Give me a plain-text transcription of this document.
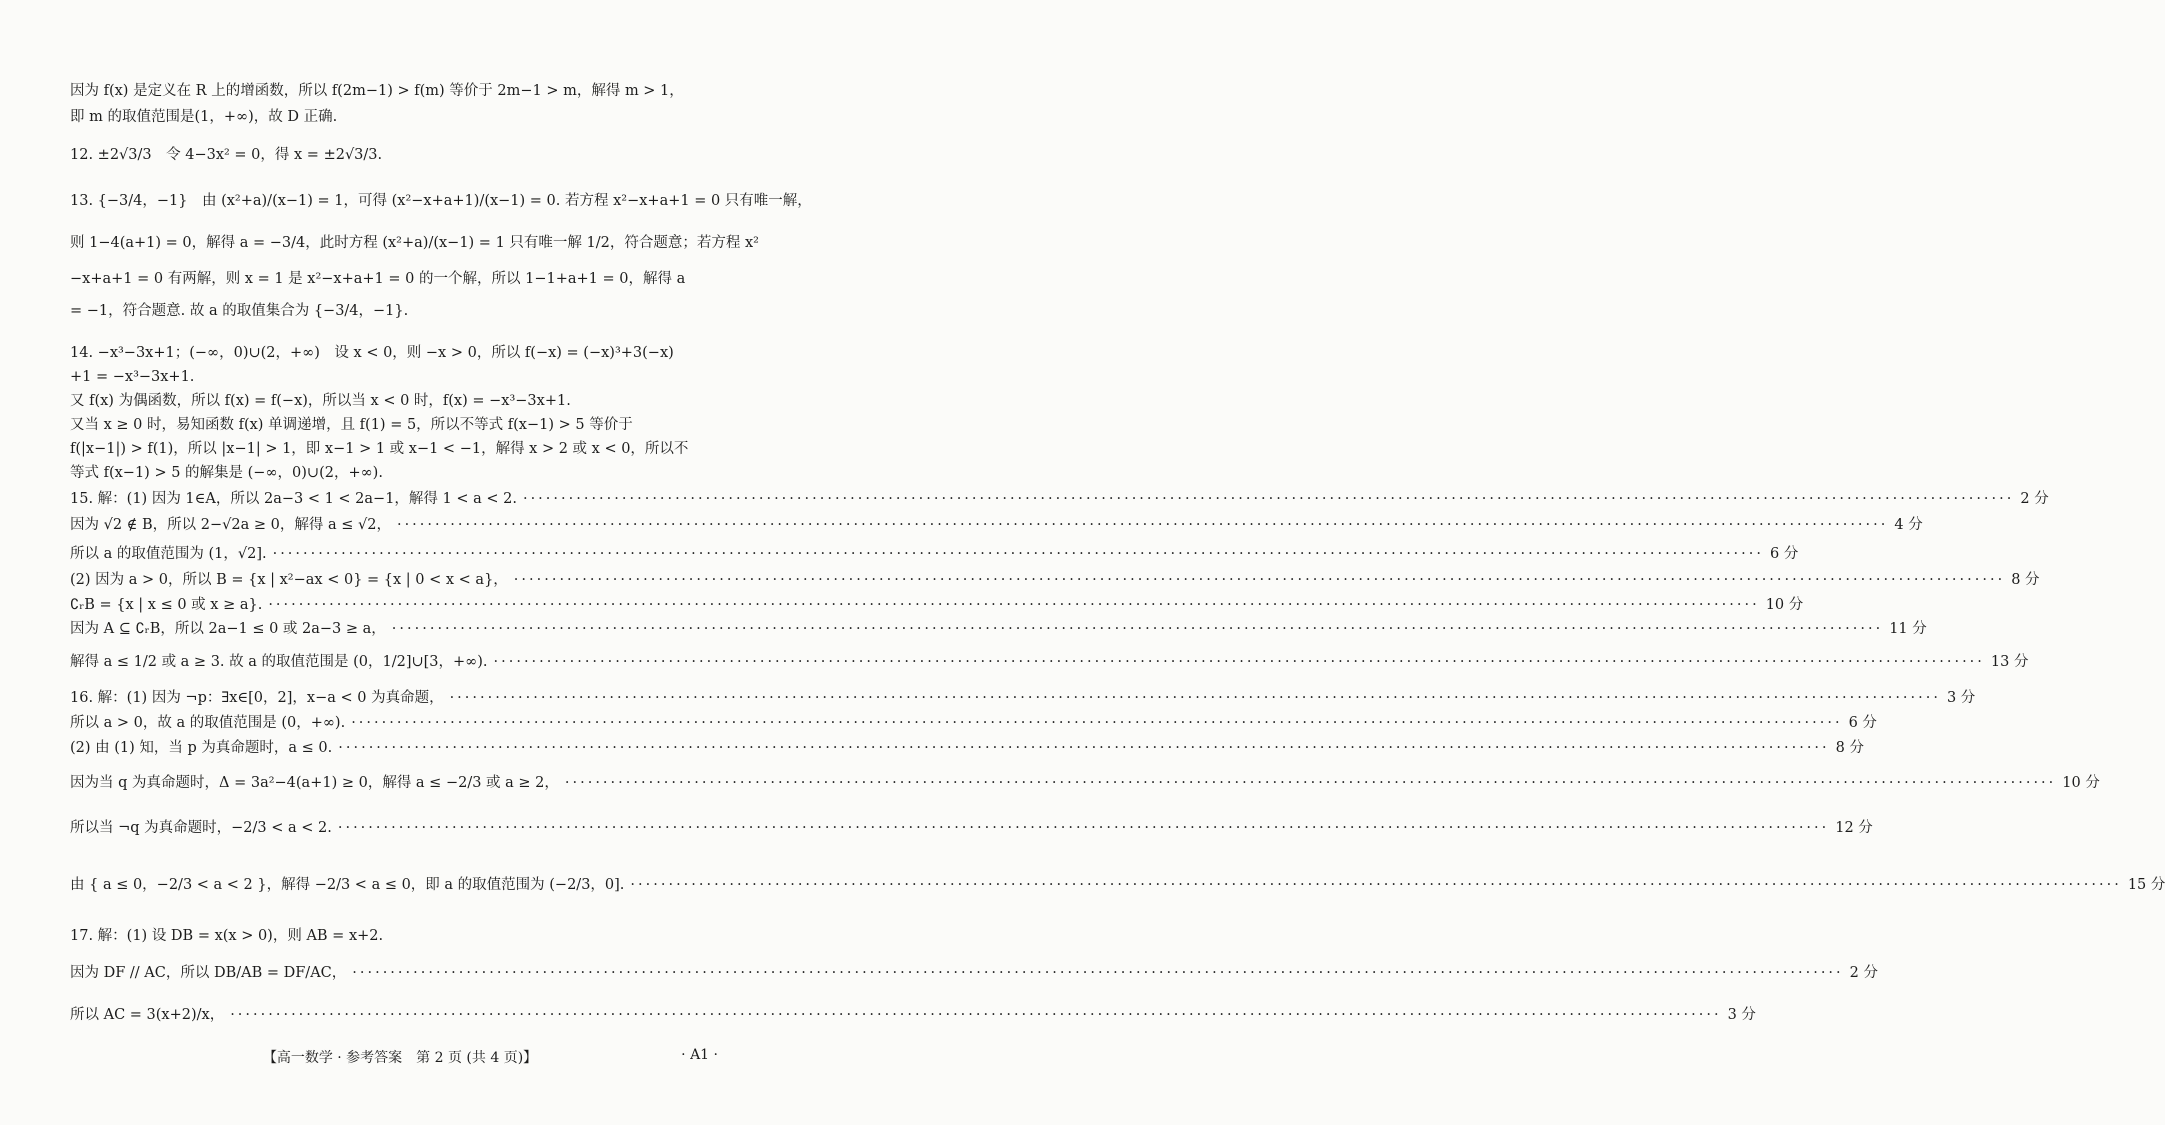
因为 f(x) 是定义在 R 上的增函数，所以 f(2m−1) > f(m) 等价于 2m−1 > m，解得 m > 1，
即 m 的取值范围是(1，+∞)，故 D 正确.
12. ±2√3/3　令 4−3x² = 0，得 x = ±2√3/3.
13. {−3/4，−1}　由 (x²+a)/(x−1) = 1，可得 (x²−x+a+1)/(x−1) = 0. 若方程 x²−x+a+1 = 0 只有唯一解，
则 1−4(a+1) = 0，解得 a = −3/4，此时方程 (x²+a)/(x−1) = 1 只有唯一解 1/2，符合题意；若方程 x²
−x+a+1 = 0 有两解，则 x = 1 是 x²−x+a+1 = 0 的一个解，所以 1−1+a+1 = 0，解得 a
= −1，符合题意. 故 a 的取值集合为 {−3/4，−1}.
14. −x³−3x+1；(−∞，0)∪(2，+∞)　设 x < 0，则 −x > 0，所以 f(−x) = (−x)³+3(−x)
+1 = −x³−3x+1.
又 f(x) 为偶函数，所以 f(x) = f(−x)，所以当 x < 0 时，f(x) = −x³−3x+1.
又当 x ≥ 0 时，易知函数 f(x) 单调递增，且 f(1) = 5，所以不等式 f(x−1) > 5 等价于
f(|x−1|) > f(1)，所以 |x−1| > 1，即 x−1 > 1 或 x−1 < −1，解得 x > 2 或 x < 0，所以不
等式 f(x−1) > 5 的解集是 (−∞，0)∪(2，+∞).
15. 解：(1) 因为 1∈A，所以 2a−3 < 1 < 2a−1，解得 1 < a < 2. ·····	2 分
因为 √2 ∉ B，所以 2−√2a ≥ 0，解得 a ≤ √2， ·····	4 分
所以 a 的取值范围为 (1，√2]. ·····	6 分
(2) 因为 a > 0，所以 B = {x | x²−ax < 0} = {x | 0 < x < a}， ·····	8 分
∁ᵣB = {x | x ≤ 0 或 x ≥ a}. ·····	10 分
因为 A ⊆ ∁ᵣB，所以 2a−1 ≤ 0 或 2a−3 ≥ a， ·····	11 分
解得 a ≤ 1/2 或 a ≥ 3. 故 a 的取值范围是 (0，1/2]∪[3，+∞). ·····	13 分
16. 解：(1) 因为 ¬p：∃x∈[0，2]，x−a < 0 为真命题， ·····	3 分
所以 a > 0，故 a 的取值范围是 (0，+∞). ·····	6 分
(2) 由 (1) 知，当 p 为真命题时，a ≤ 0. ·····	8 分
因为当 q 为真命题时，Δ = 3a²−4(a+1) ≥ 0，解得 a ≤ −2/3 或 a ≥ 2， ·····	10 分
所以当 ¬q 为真命题时，−2/3 < a < 2. ·····	12 分
由 { a ≤ 0，−2/3 < a < 2 }，解得 −2/3 < a ≤ 0，即 a 的取值范围为 (−2/3，0]. ·····	15 分
17. 解：(1) 设 DB = x(x > 0)，则 AB = x+2.
因为 DF // AC，所以 DB/AB = DF/AC， ·····	2 分
所以 AC = 3(x+2)/x， ·····	3 分
【高一数学 · 参考答案　第 2 页 (共 4 页)】	· A1 ·
